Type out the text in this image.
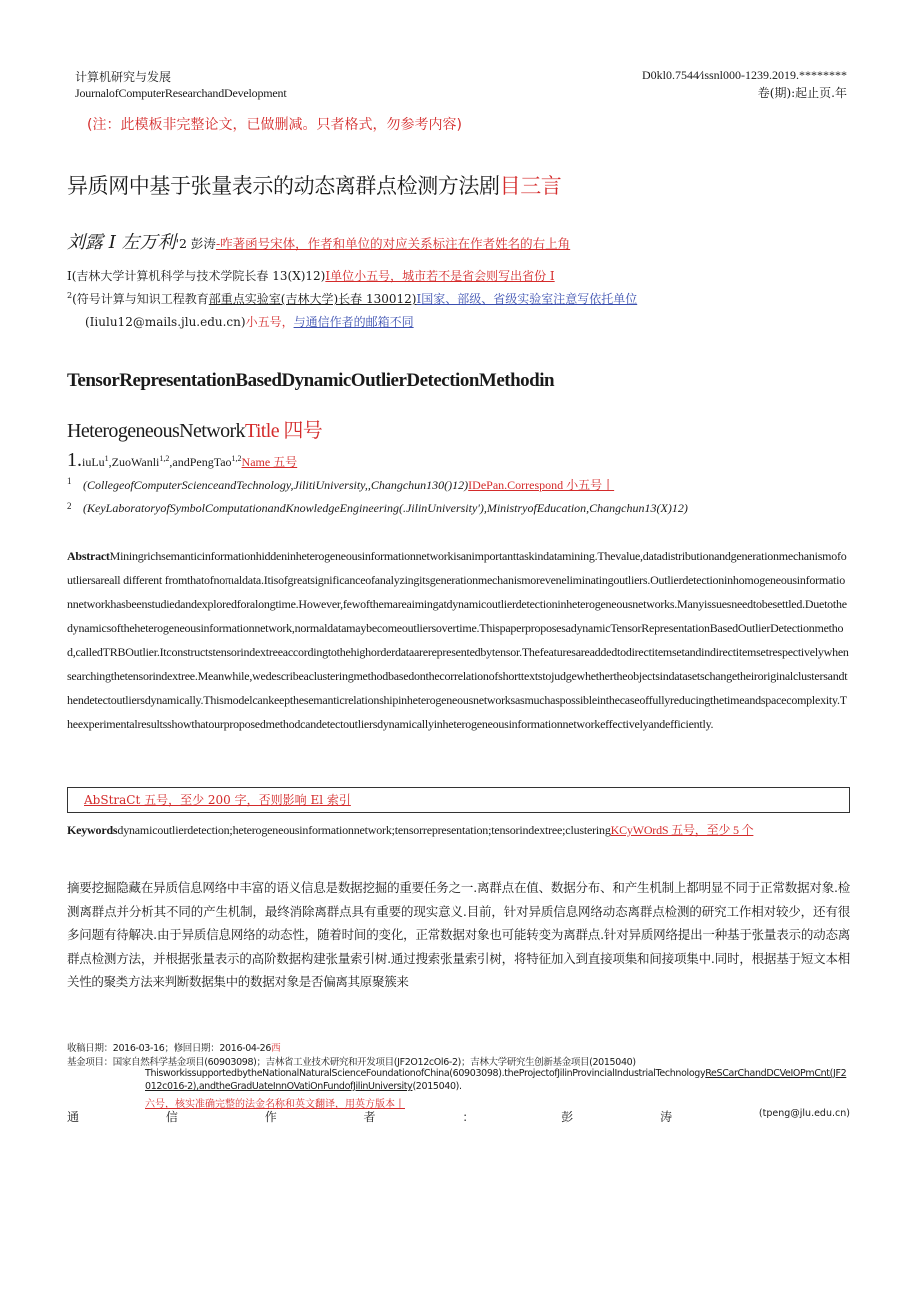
计算机研究与发展
JournalofComputerResearchandDevelopment
D0kl0.7544∕issnl000-1239.2019.********
卷(期):起止页.年
(注：此模板非完整论文，已做删减。只者格式，勿参考内容)
异质网中基于张量表示的动态离群点检测方法剧目三言
刘露 I 左万利'2 彭涛-咋著函号宋体，作者和单位的对应关系标注在作者姓名的右上角
I(吉林大学计算机科学与技术学院长春 13(X)12)I单位小五号，城市若不是省会则写出省份 I
$^2$(符号计算与知识工程教育部重点实验室(吉林大学)长春 130012)I国家、部级、省级实验室注意写依托单位
(Iiulu12@mails.jlu.edu.cn)小五号，与通信作者的邮箱不同
TensorRepresentationBasedDynamicOutlierDetectionMethodin
HeterogeneousNetworkTitle 四号
1.iuLu$^1$,ZuoWanli$^{1,2}$,andPengTao$^{1,2}$Name 五号
1 (CollegeofComputerScienceandTechnology,JilitiUniversity,,Changchun130()12)IDePan.Correspond 小五号丨
2 (KeyLaboratoryofSymbolComputationandKnowledgeEngineering(.JilinUniversity'),MinistryofEducation,Changchun13(X)12)
AbstractMiningrichsemanticinformationhiddeninheterogeneousinformationnetworkisanimportanttaskindatamining.Thevalue,datadistributionandgenerationmechanismofoutliersareall different fromthatofnoπιaldata.Itisofgreatsignificanceofanalyzingitsgenerationmechanismoreveneliminatingoutliers.Outlierdetectioninhomogeneousinformationnetworkhasbeenstudiedandexploredforalongtime.However,fewofthemareaimingatdynamicoutlierdetectioninheterogeneousnetworks.Manyissuesneedtobesettled.Duetothedynamicsoftheheterogeneousinformationnetwork,normaldatamaybecomeoutliersovertime.ThispaperproposesadynamicTensorRepresentationBasedOutlierDetectionmethod,calledTRBOutlier.Itconstructstensorindextreeaccordingtothehighorderdataarerepresentedbytensor.Thefeaturesareaddedtodirectitemsetandindirectitemsetrespectivelywhensearchingthetensorindextree.Meanwhile,wedescribeaclusteringmethodbasedonthecorrelationofshorttextstojudgewhethertheobjectsindatasetschangetheiroriginalclustersandthendetectoutliersdynamically.Thismodelcankeepthesemanticrelationshipinheterogeneousnetworksasmuchaspossibleinthecaseoffullyreducingthetimeandspacecomplexity.Theexperimentalresultsshowthatourproposedmethodcandetectoutliersdynamicallyinheterogeneousinformationnetworkeffectivelyandefficiently.
AbStraCt 五号，至少 200 字，否则影响 El 索引
Keywordsdynamicoutlierdetection;heterogeneousinformationnetwork;tensorrepresentation;tensorindextree;clusteringKCyWOrdS 五号，至少 5 个
摘要挖掘隐藏在异质信息网络中丰富的语义信息是数据挖掘的重要任务之一.离群点在值、数据分布、和产生机制上都明显不同于正常数据对象.检测离群点并分析其不同的产生机制，最终消除离群点具有重要的现实意义.目前，针对异质信息网络动态离群点检测的研究工作相对较少，还有很多问题有待解决.由于异质信息网络的动态性，随着时间的变化，正常数据对象也可能转变为离群点.针对异质网络提出一种基于张量表示的动态离群点检测方法，并根据张量表示的高阶数据构建张量索引树.通过搜索张量索引树，将特征加入到直接项集和间接项集中.同时，根据基于短文本相关性的聚类方法来判断数据集中的数据对象是否偏离其原聚簇来
收稿日期：2016-03-16；修回日期：2016-04-26西
基金项目：国家自然科学基金项目(60903098)；吉林省工业技术研究和开发项目(JF2O12cOl6-2)；吉林大学研究生创新基金项目(2015040)
ThisworkissupportedbytheNationalNaturalScienceFoundationofChina(60903098).theProjectofJilinProvincialIndustrialTechnologyReSCarChandDCVeIOPmCnt(JF2
012c016-2),andtheGradUateInnOVatiOnFundofJilinUniversity(2015040).
六号，核实准确完整的法金名称和英文翻译，用英方版本丨
通	信	作	者	：	彭	涛	(tpeng@jlu.edu.cn)
